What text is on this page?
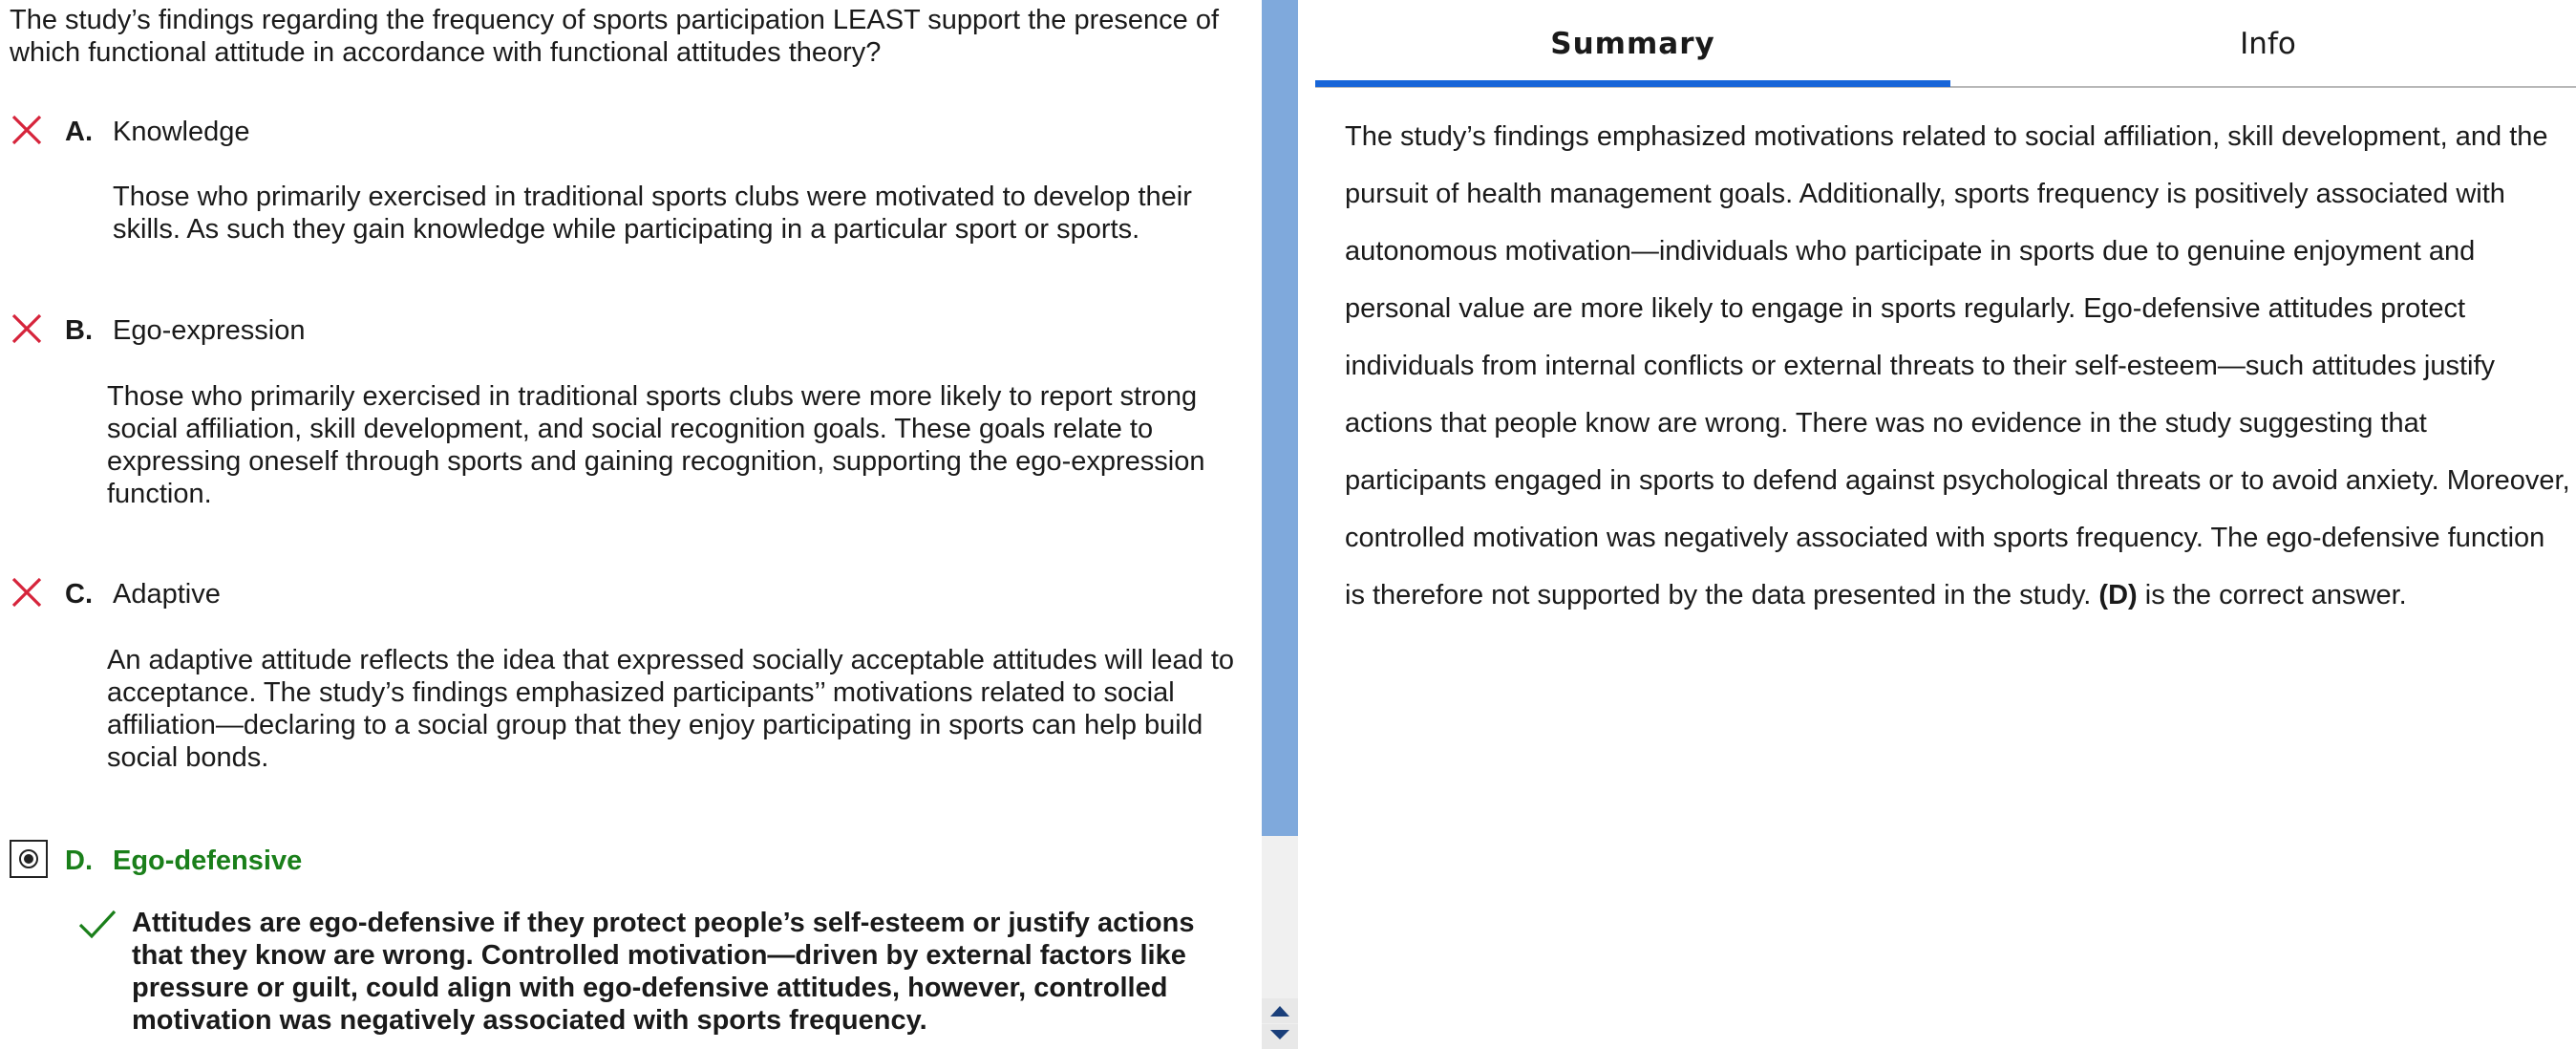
The study’s findings regarding the frequency of sports participation LEAST support the presence of which functional attitude in accordance with functional attitudes theory?

A. Knowledge

Those who primarily exercised in traditional sports clubs were motivated to develop their skills. As such they gain knowledge while participating in a particular sport or sports.

B. Ego-expression

Those who primarily exercised in traditional sports clubs were more likely to report strong social affiliation, skill development, and social recognition goals. These goals relate to expressing oneself through sports and gaining recognition, supporting the ego-expression function.

C. Adaptive

An adaptive attitude reflects the idea that expressed socially acceptable attitudes will lead to acceptance. The study’s findings emphasized participants’’ motivations related to social affiliation—declaring to a social group that they enjoy participating in sports can help build social bonds.

D. Ego-defensive

Attitudes are ego-defensive if they protect people’s self-esteem or justify actions that they know are wrong. Controlled motivation—driven by external factors like pressure or guilt, could align with ego-defensive attitudes, however, controlled motivation was negatively associated with sports frequency.

Summary	Info

The study’s findings emphasized motivations related to social affiliation, skill development, and the pursuit of health management goals. Additionally, sports frequency is positively associated with autonomous motivation—individuals who participate in sports due to genuine enjoyment and personal value are more likely to engage in sports regularly. Ego-defensive attitudes protect individuals from internal conflicts or external threats to their self-esteem—such attitudes justify actions that people know are wrong. There was no evidence in the study suggesting that participants engaged in sports to defend against psychological threats or to avoid anxiety. Moreover, controlled motivation was negatively associated with sports frequency. The ego-defensive function is therefore not supported by the data presented in the study. (D) is the correct answer.
